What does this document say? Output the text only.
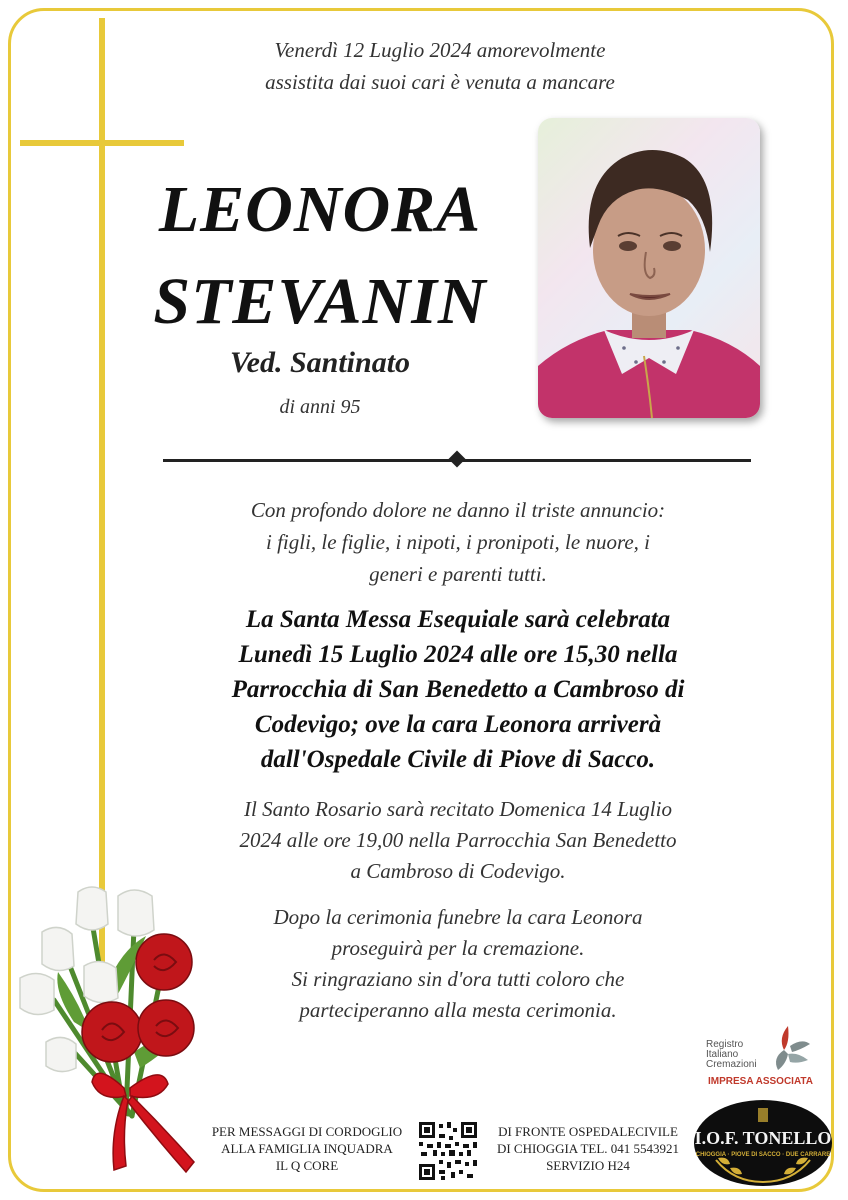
Venerdì 12 Luglio 2024 amorevolmente
assistita dai suoi cari è venuta a mancare
LEONORA
STEVANIN
Ved. Santinato
di anni 95
Con profondo dolore ne danno il triste annuncio:
i figli, le figlie, i nipoti, i pronipoti, le nuore, i
generi e parenti tutti.
La Santa Messa Esequiale sarà celebrata
Lunedì 15 Luglio 2024 alle ore 15,30 nella
Parrocchia di San Benedetto a Cambroso di
Codevigo; ove la cara Leonora arriverà
dall'Ospedale Civile di Piove di Sacco.
Il Santo Rosario sarà recitato Domenica 14 Luglio
2024 alle ore 19,00 nella Parrocchia San Benedetto
a Cambroso di Codevigo.
Dopo la cerimonia funebre la cara Leonora
proseguirà per la cremazione.
Si ringraziano sin d'ora tutti coloro che
parteciperanno alla mesta cerimonia.
PER MESSAGGI DI CORDOGLIO
ALLA FAMIGLIA INQUADRA
IL Q CORE
DI FRONTE OSPEDALECIVILE
DI CHIOGGIA TEL. 041 5543921
SERVIZIO H24
Registro
Italiano
Cremazioni
IMPRESA ASSOCIATA
I.O.F. TONELLO
CHIOGGIA · PIOVE DI SACCO · DUE CARRARE
